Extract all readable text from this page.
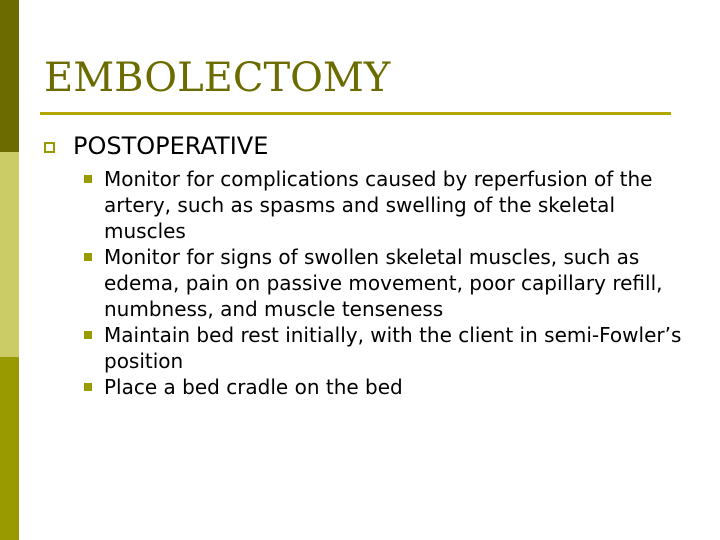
EMBOLECTOMY
POSTOPERATIVE
Monitor for complications caused by reperfusion of the artery, such as spasms and swelling of the skeletal muscles
Monitor for signs of swollen skeletal muscles, such as edema, pain on passive movement, poor capillary refill, numbness, and muscle tenseness
Maintain bed rest initially, with the client in semi-Fowler’s position
Place a bed cradle on the bed
